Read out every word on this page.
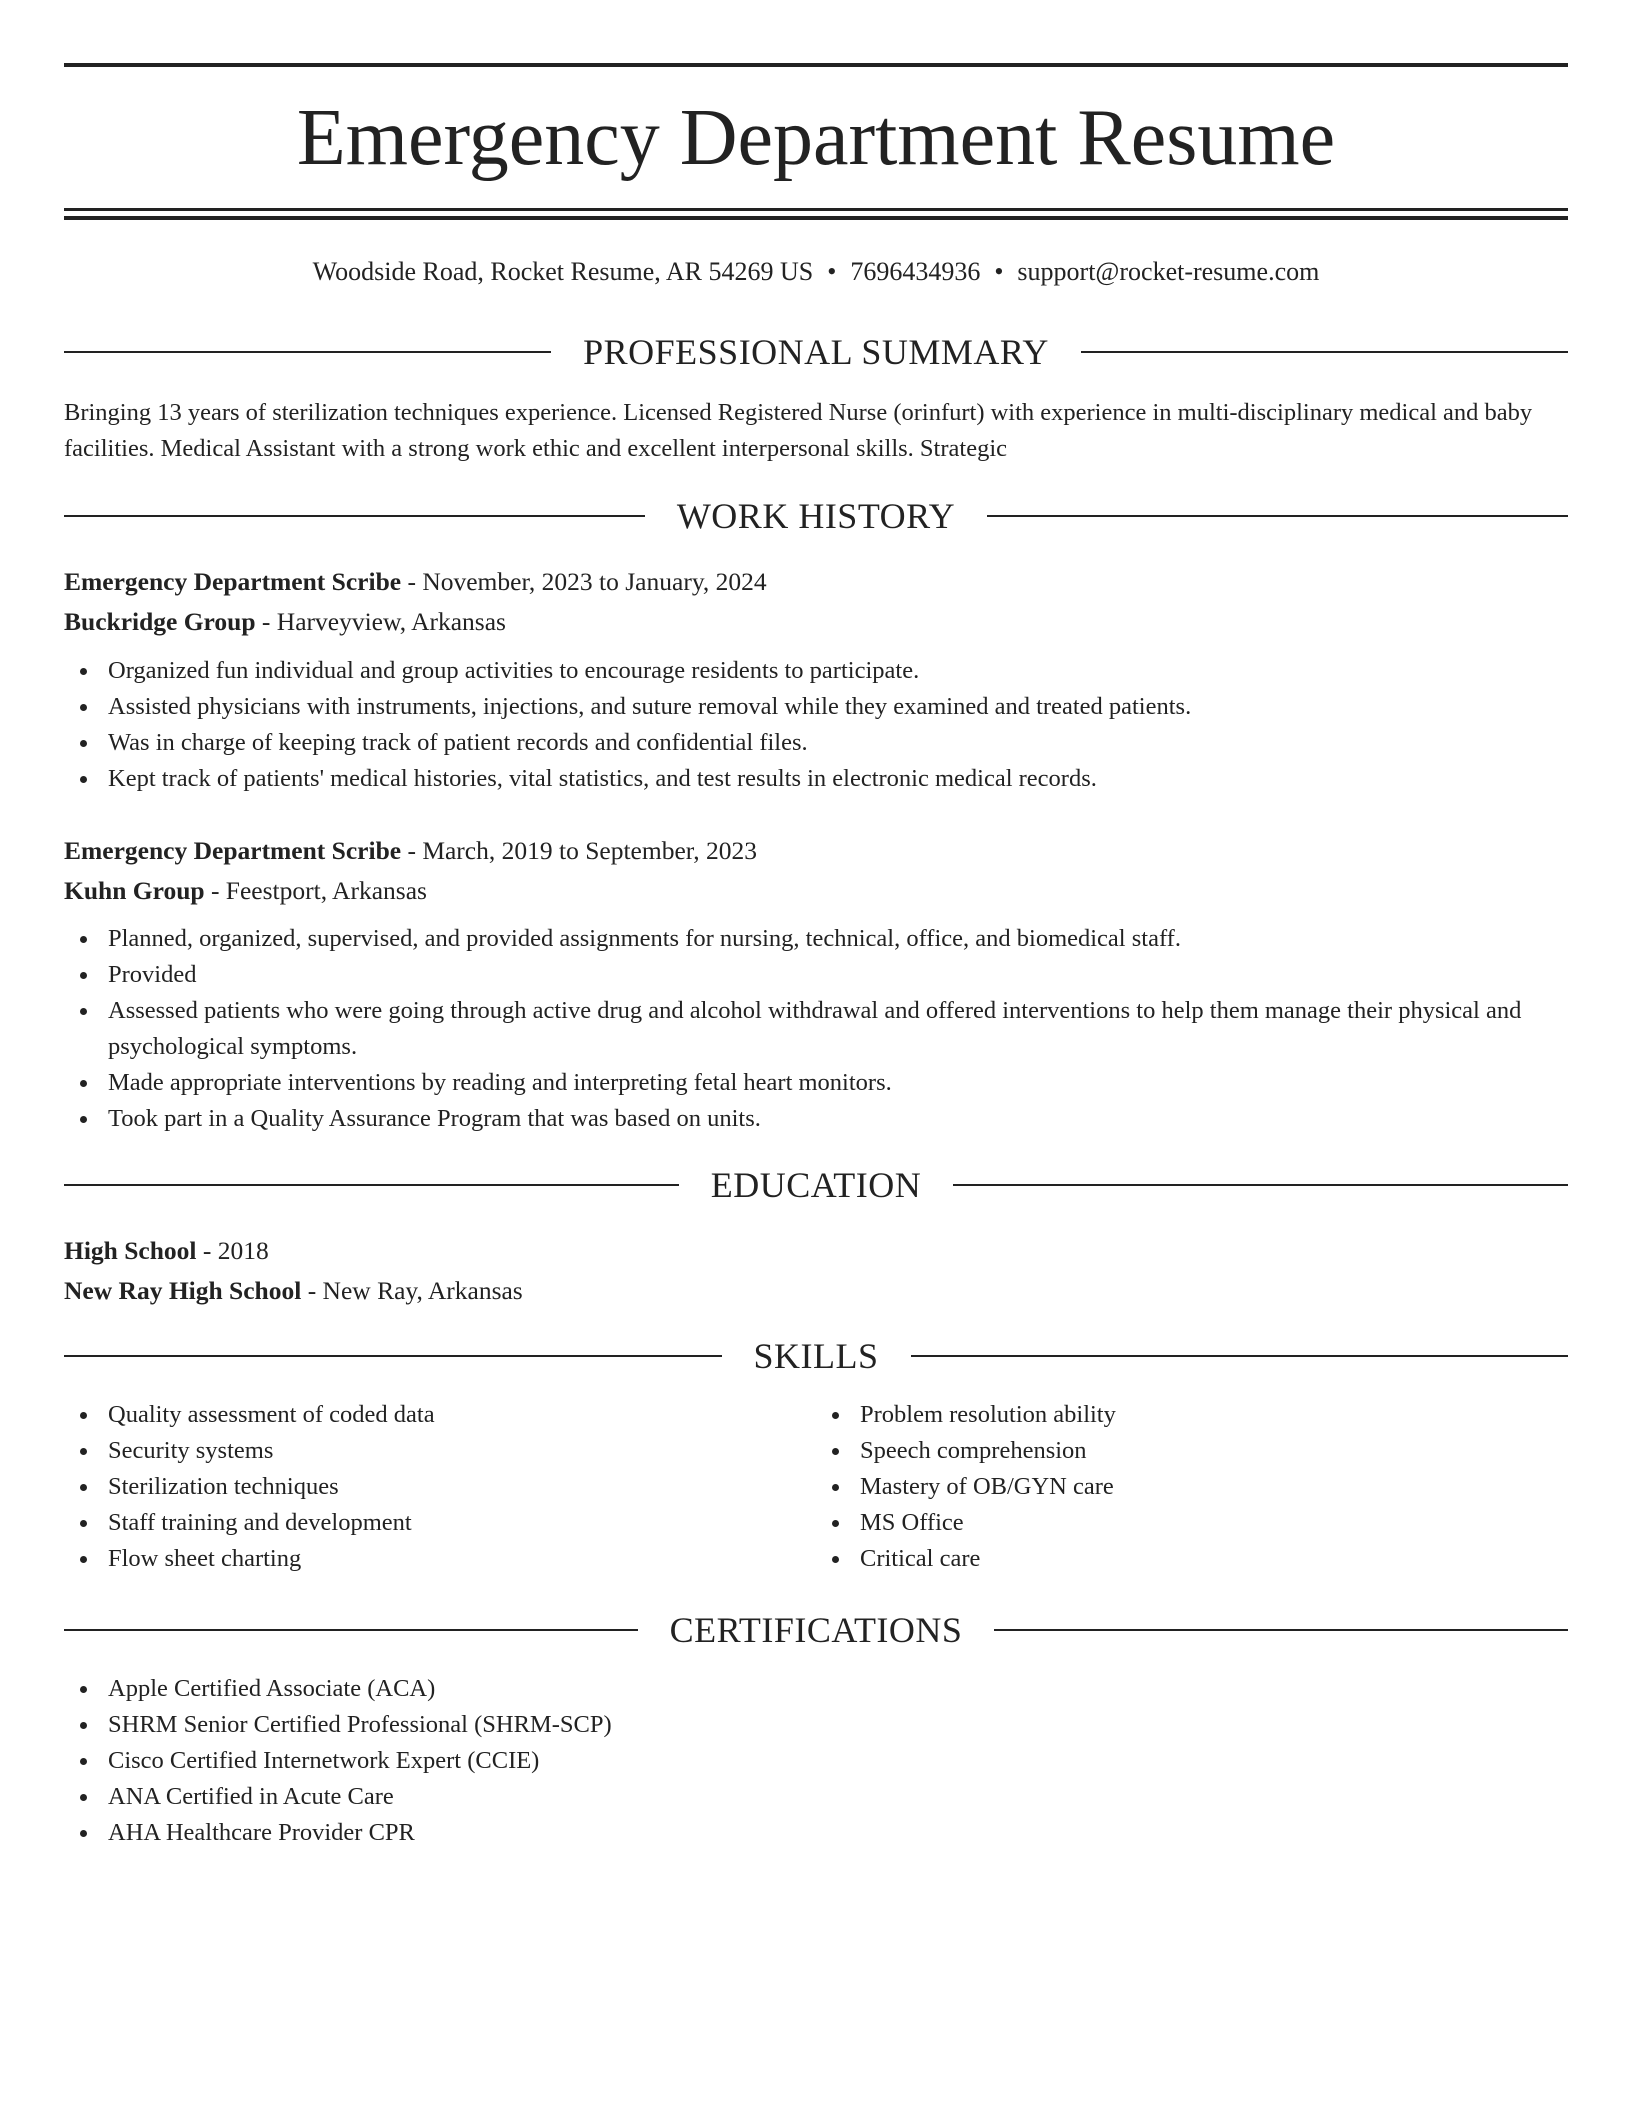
Emergency Department Resume
Woodside Road, Rocket Resume, AR 54269 US • 7696434936 • support@rocket-resume.com
PROFESSIONAL SUMMARY
Bringing 13 years of sterilization techniques experience. Licensed Registered Nurse (orinfurt) with experience in multi-disciplinary medical and baby facilities. Medical Assistant with a strong work ethic and excellent interpersonal skills. Strategic
WORK HISTORY
Emergency Department Scribe - November, 2023 to January, 2024
Buckridge Group - Harveyview, Arkansas
Organized fun individual and group activities to encourage residents to participate.
Assisted physicians with instruments, injections, and suture removal while they examined and treated patients.
Was in charge of keeping track of patient records and confidential files.
Kept track of patients' medical histories, vital statistics, and test results in electronic medical records.
Emergency Department Scribe - March, 2019 to September, 2023
Kuhn Group - Feestport, Arkansas
Planned, organized, supervised, and provided assignments for nursing, technical, office, and biomedical staff.
Provided
Assessed patients who were going through active drug and alcohol withdrawal and offered interventions to help them manage their physical and psychological symptoms.
Made appropriate interventions by reading and interpreting fetal heart monitors.
Took part in a Quality Assurance Program that was based on units.
EDUCATION
High School - 2018
New Ray High School - New Ray, Arkansas
SKILLS
Quality assessment of coded data
Security systems
Sterilization techniques
Staff training and development
Flow sheet charting
Problem resolution ability
Speech comprehension
Mastery of OB/GYN care
MS Office
Critical care
CERTIFICATIONS
Apple Certified Associate (ACA)
SHRM Senior Certified Professional (SHRM-SCP)
Cisco Certified Internetwork Expert (CCIE)
ANA Certified in Acute Care
AHA Healthcare Provider CPR
